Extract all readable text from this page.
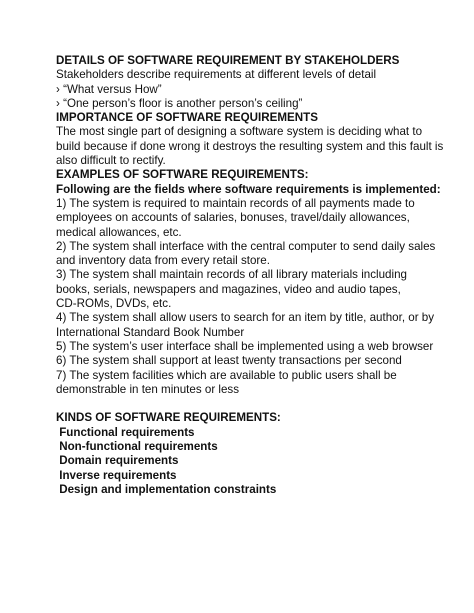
DETAILS OF SOFTWARE REQUIREMENT BY STAKEHOLDERS
Stakeholders describe requirements at different levels of detail
› “What versus How”
› “One person’s floor is another person’s ceiling”
IMPORTANCE OF SOFTWARE REQUIREMENTS
The most single part of designing a software system is deciding what to
build because if done wrong it destroys the resulting system and this fault is
also difficult to rectify.
EXAMPLES OF SOFTWARE REQUIREMENTS:
Following are the fields where software requirements is implemented:
1) The system is required to maintain records of all payments made to
employees on accounts of salaries, bonuses, travel/daily allowances,
medical allowances, etc.
2) The system shall interface with the central computer to send daily sales
and inventory data from every retail store.
3) The system shall maintain records of all library materials including
books, serials, newspapers and magazines, video and audio tapes,
CD-ROMs, DVDs, etc.
4) The system shall allow users to search for an item by title, author, or by
International Standard Book Number
5) The system’s user interface shall be implemented using a web browser
6) The system shall support at least twenty transactions per second
7) The system facilities which are available to public users shall be
demonstrable in ten minutes or less
KINDS OF SOFTWARE REQUIREMENTS:
Functional requirements
Non-functional requirements
Domain requirements
Inverse requirements
Design and implementation constraints
